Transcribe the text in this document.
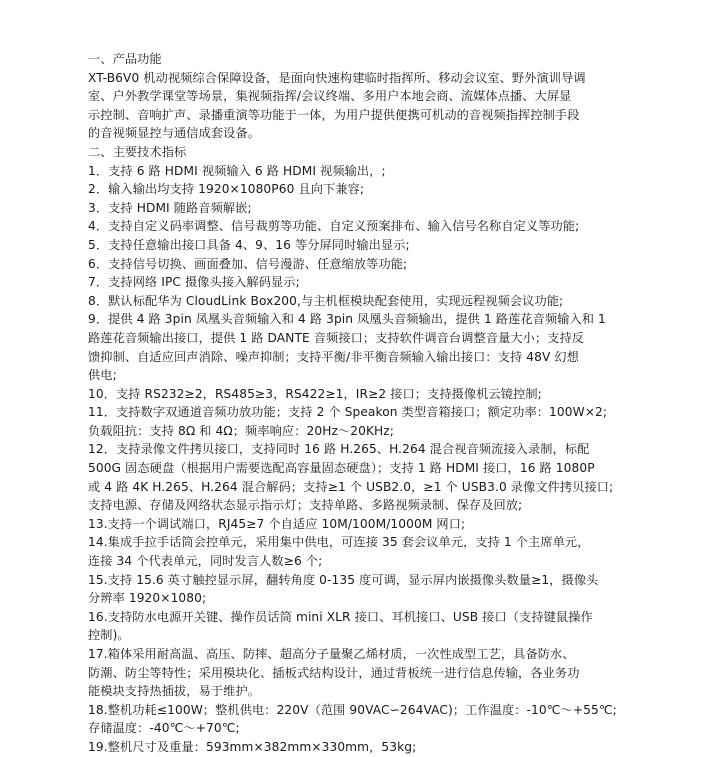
一、产品功能
XT-B6V0 机动视频综合保障设备，是面向快速构建临时指挥所、移动会议室、野外演训导调
室、户外教学课堂等场景，集视频指挥/会议终端、多用户本地会商、流媒体点播、大屏显
示控制、音响扩声、录播重演等功能于一体，为用户提供便携可机动的音视频指挥控制手段
的音视频显控与通信成套设备。
二、主要技术指标
1．支持 6 路 HDMI 视频输入 6 路 HDMI 视频输出，;
2．输入输出均支持 1920×1080P60 且向下兼容;
3．支持 HDMI 随路音频解嵌;
4．支持自定义码率调整、信号裁剪等功能、自定义预案排布、输入信号名称自定义等功能;
5．支持任意输出接口具备 4、9、16 等分屏同时输出显示;
6．支持信号切换、画面叠加、信号漫游、任意缩放等功能;
7．支持网络 IPC 摄像头接入解码显示;
8．默认标配华为 CloudLink Box200,与主机框模块配套使用，实现远程视频会议功能;
9．提供 4 路 3pin 凤凰头音频输入和 4 路 3pin 凤凰头音频输出，提供 1 路莲花音频输入和 1
路莲花音频输出接口，提供 1 路 DANTE 音频接口；支持软件调音台调整音量大小；支持反
馈抑制、自适应回声消除、噪声抑制；支持平衡/非平衡音频输入输出接口：支持 48V 幻想
供电;
10．支持 RS232≥2，RS485≥3，RS422≥1，IR≥2 接口；支持摄像机云镜控制;
11．支持数字双通道音频功放功能；支持 2 个 Speakon 类型音箱接口；额定功率：100W×2;
负载阻抗：支持 8Ω 和 4Ω；频率响应：20Hz～20KHz;
12．支持录像文件拷贝接口，支持同时 16 路 H.265、H.264 混合视音频流接入录制，标配
500G 固态硬盘（根据用户需要选配高容量固态硬盘）；支持 1 路 HDMI 接口，16 路 1080P
或 4 路 4K H.265、H.264 混合解码；支持≥1 个 USB2.0，≥1 个 USB3.0 录像文件拷贝接口;
支持电源、存储及网络状态显示指示灯；支持单路、多路视频录制、保存及回放;
13.支持一个调试端口，RJ45≥7 个自适应 10M/100M/1000M 网口;
14.集成手拉手话筒会控单元，采用集中供电，可连接 35 套会议单元，支持 1 个主席单元，
连接 34 个代表单元，同时发言人数≥6 个;
15.支持 15.6 英寸触控显示屏，翻转角度 0-135 度可调，显示屏内嵌摄像头数量≥1，摄像头
分辨率 1920×1080;
16.支持防水电源开关键、操作员话筒 mini XLR 接口、耳机接口、USB 接口（支持键鼠操作
控制)。
17.箱体采用耐高温、高压、防摔、超高分子量聚乙烯材质，一次性成型工艺，具备防水、
防潮、防尘等特性；采用模块化、插板式结构设计，通过背板统一进行信息传输，各业务功
能模块支持热插拔，易于维护。
18.整机功耗≤100W；整机供电：220V（范围 90VAC∽264VAC)；工作温度：-10℃～+55℃;
存储温度：-40℃～+70℃;
19.整机尺寸及重量：593mm×382mm×330mm，53kg;
